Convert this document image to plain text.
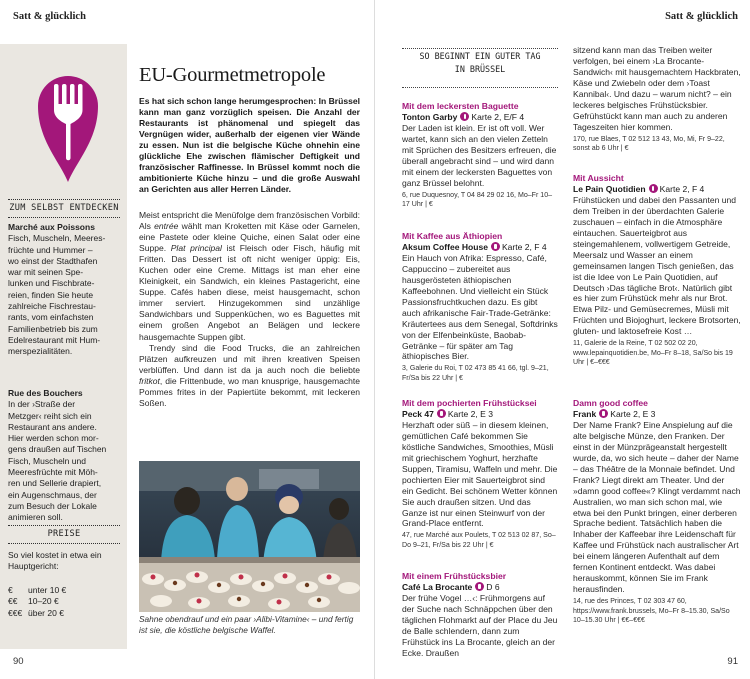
Satt & glücklich
ZUM SELBST ENTDECKEN
Marché aux Poissons
Fisch, Muscheln, Meeres-
früchte und Hummer –
wo einst der Stadthafen
war mit seinen Spe-
lunken und Fischbrate-
reien, finden Sie heute
zahlreiche Fischrestau-
rants, vom einfachsten
Familienbetrieb bis zum
Edelrestaurant mit Hum-
merspezialitäten.
Rue des Bouchers
In der ›Straße der
Metzger‹ reiht sich ein
Restaurant ans andere.
Hier werden schon mor-
gens draußen auf Tischen
Fisch, Muscheln und
Meeresfrüchte mit Möh-
ren und Sellerie drapiert,
ein Augenschmaus, der
zum Besuch der Lokale
animieren soll.
PREISE
So viel kostet in etwa ein
Hauptgericht:
€ unter 10 €
€€ 10–20 €
€€€ über 20 €
EU-Gourmetmetropole
Es hat sich schon lange herumgesprochen: In Brüssel kann man ganz vorzüglich speisen. Die Anzahl der Restaurants ist phänomenal und spiegelt das Vergnügen wider, außerhalb der eigenen vier Wände zu essen. Nun ist die belgische Küche ohnehin eine glückliche Ehe zwischen flämischer Deftigkeit und französischer Raffinesse. In Brüssel kommt noch die ambitionierte Küche hinzu – und die große Auswahl an Gerichten aus aller Herren Länder.

Meist entspricht die Menüfolge dem französischen Vorbild: Als entrée wählt man Kroketten mit Käse oder Garnelen, eine Pastete oder kleine Quiche, einen Salat oder eine Suppe. Plat principal ist Fleisch oder Fisch, häufig mit Fritten. Das Dessert ist oft nicht weniger üppig: Eis, Kuchen oder eine Creme. Mittags ist man eher eine Kleinigkeit, ein Sandwich, ein kleines Pastagericht, eine Suppe. Cafés haben diese, meist hausgemacht, schon immer serviert. Hinzugekommen sind unzählige Sandwichbars und Suppenküchen, wo es Baguettes mit einem großen Angebot an Belägen und leckere hausgemachte Suppen gibt.

Trendy sind die Food Trucks, die an zahlreichen Plätzen aufkreuzen und mit ihren kreativen Speisen verblüffen. Und dann ist da ja auch noch die beliebte fritkot, die Frittenbude, wo man knusprige, hausgemachte Pommes frites in der Papiertüte bekommt, mit leckeren Soßen.

Sahne obendrauf und ein paar ›Alibi-Vitamine‹ – und fertig ist sie, die köstliche belgische Waffel.
90
Satt & glücklich
SO BEGINNT EIN GUTER TAG
IN BRÜSSEL
Mit dem leckersten Baguette
Tonton Garby Karte 2, E/F 4
Der Laden ist klein. Er ist oft voll. Wer wartet, kann sich an den vielen Zetteln mit Sprüchen des Besitzers erfreuen, die überall angebracht sind – und wird dann mit einem der leckersten Baguettes von ganz Brüssel belohnt.
6, rue Duquesnoy, T 04 84 29 02 16, Mo–Fr 10–17 Uhr | €
Mit Kaffee aus Äthiopien
Aksum Coffee House Karte 2, F 4
Ein Hauch von Afrika: Espresso, Café, Cappuccino – zubereitet aus hausgerösteten äthiopischen Kaffeebohnen. Und vielleicht ein Stück Passionsfruchtkuchen dazu. Es gibt auch afrikanische Fair-Trade-Getränke: Kräutertees aus dem Senegal, Softdrinks von der Elfenbeinküste, Baobab-Getränke – für später am Tag äthiopisches Bier.
3, Galerie du Roi, T 02 473 85 41 66, tgl. 9–21, Fr/Sa bis 22 Uhr | €
Mit dem pochierten Frühstücksei
Peck 47 Karte 2, E 3
Herzhaft oder süß – in diesem kleinen, gemütlichen Café bekommen Sie köstliche Sandwiches, Smoothies, Müsli mit griechischem Yoghurt, herzhafte Suppen, Tiramisu, Waffeln und mehr. Die pochierten Eier mit Sauerteigbrot sind ein Gedicht. Bei schönem Wetter können Sie auch draußen sitzen. Und das Ganze ist nur einen Steinwurf von der Grand-Place entfernt.
47, rue Marché aux Poulets, T 02 513 02 87, So–Do 9–21, Fr/Sa bis 22 Uhr | €
Mit einem Frühstücksbier
Café La Brocante D 6
Der frühe Vogel …‹: Frühmorgens auf der Suche nach Schnäppchen über den täglichen Flohmarkt auf der Place du Jeu de Balle schlendern, dann zum Frühstück ins La Brocante, gleich an der Ecke. Draußen
sitzend kann man das Treiben weiter verfolgen, bei einem ›La Brocante-Sandwich‹ mit hausgemachtem Hackbraten, Käse und Zwiebeln oder dem ›Toast Kannibal‹. Und dazu – warum nicht? – ein leckeres belgisches Frühstücksbier. Gefrühstückt kann man auch zu anderen Tageszeiten hier kommen.
170, rue Blaes, T 02 512 13 43, Mo, Mi, Fr 9–22, sonst ab 6 Uhr | €
Mit Aussicht
Le Pain Quotidien Karte 2, F 4
Frühstücken und dabei den Passanten und dem Treiben in der überdachten Galerie zuschauen – einfach in die Atmosphäre eintauchen. Sauerteigbrot aus steingemahlenem, vollwertigem Getreide, Meersalz und Wasser an einem gemeinsamen langen Tisch genießen, das ist die Idee von Le Pain Quotidien, auf Deutsch ›Das tägliche Brot‹. Natürlich gibt es hier zum Frühstück mehr als nur Brot. Etwa Pilz- und Gemüsecremes, Müsli mit Früchten und Biojoghurt, leckere Brotsorten, gluten- und laktosefreie Kost …
11, Galerie de la Reine, T 02 502 02 20, www.lepainquotidien.be, Mo–Fr 8–18, Sa/So bis 19 Uhr | €–€€€
Damn good coffee
Frank Karte 2, E 3
Der Name Frank? Eine Anspielung auf die alte belgische Münze, den Franken. Der einst in der Münzprägeanstalt hergestellt wurde, da, wo sich heute – daher der Name – das Théâtre de la Monnaie befindet. Und Frank? Liegt direkt am Theater. Und der »damn good coffee«? Klingt verdammt nach Australien, wo man sich schon mal, wie etwa bei den Punkt bringen, einer derberen Sprache bedient. Tatsächlich haben die Inhaber der Kaffeebar ihre Leidenschaft für Kaffee und Frühstück nach australischer Art bei einem längeren Aufenthalt auf dem fernen Kontinent entdeckt. Was dabei herauskommt, können Sie im Frank herausfinden.
14, rue des Princes, T 02 303 47 60, https://www.frank.brussels, Mo–Fr 8–15.30, Sa/So 10–15.30 Uhr | €€–€€€
91
